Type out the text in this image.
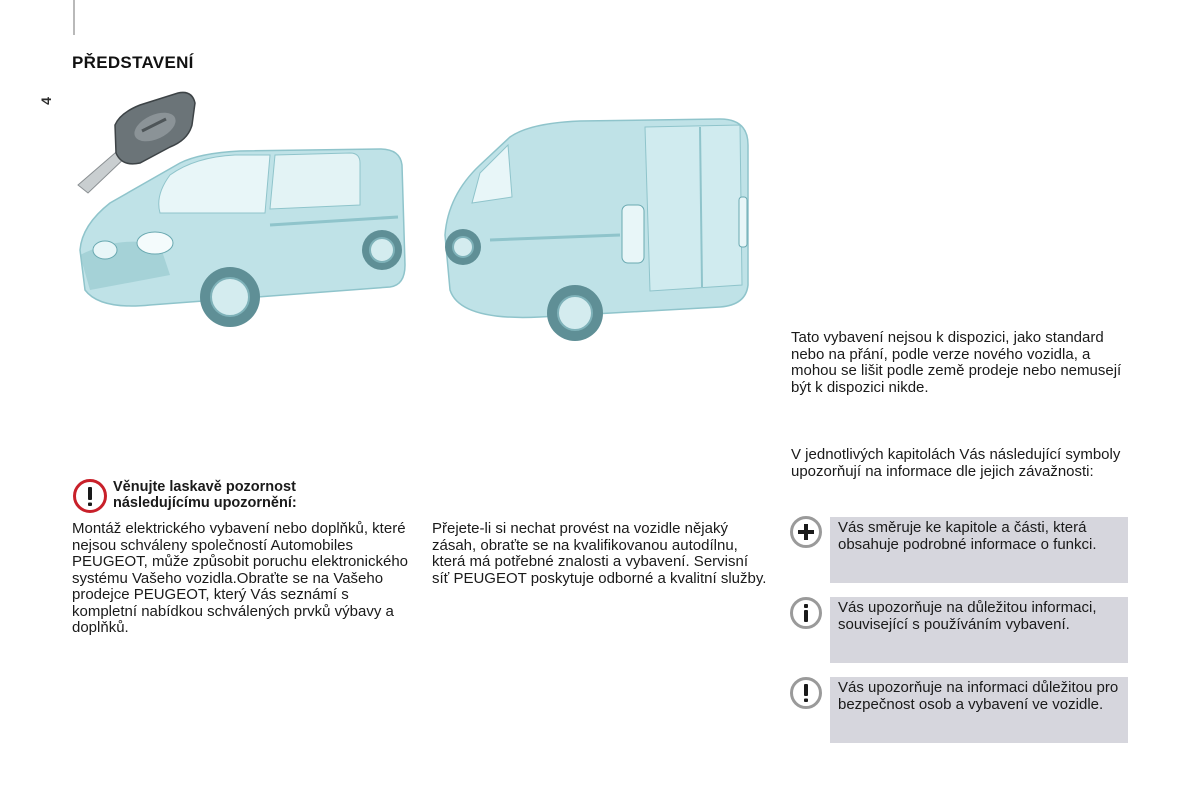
4
PŘEDSTAVENÍ

Věnujte laskavě pozornost
následujícímu upozornění:

Montáž elektrického vybavení nebo doplňků, které nejsou schváleny společností Automobiles PEUGEOT, může způsobit poruchu elektronického systému Vašeho vozidla.Obraťte se na Vašeho prodejce PEUGEOT, který Vás seznámí s kompletní nabídkou schválených prvků výbavy a doplňků.

Přejete-li si nechat provést na vozidle nějaký zásah, obraťte se na kvalifikovanou autodílnu, která má potřebné znalosti a vybavení. Servisní síť PEUGEOT poskytuje odborné a kvalitní služby.

Tato vybavení nejsou k dispozici, jako standard nebo na přání, podle verze nového vozidla, a mohou se lišit podle země prodeje nebo nemusejí být k dispozici nikde.

V jednotlivých kapitolách Vás následující symboly upozorňují na informace dle jejich závažnosti:

Vás směruje ke kapitole a části, která obsahuje podrobné informace o funkci.
Vás upozorňuje na důležitou informaci, související s používáním vybavení.
Vás upozorňuje na informaci důležitou pro bezpečnost osob a vybavení ve vozidle.
